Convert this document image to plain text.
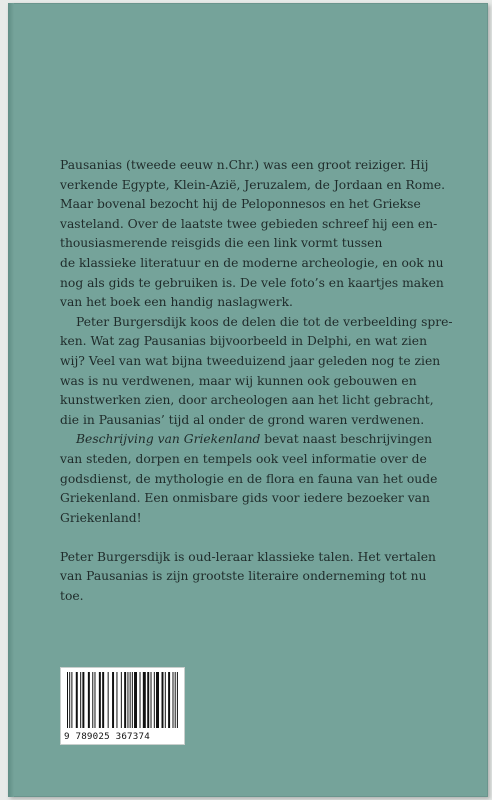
Pausanias (tweede eeuw n.Chr.) was een groot reiziger. Hij
verkende Egypte, Klein-Azië, Jeruzalem, de Jordaan en Rome.
Maar bovenal bezocht hij de Peloponnesos en het Griekse
vasteland. Over de laatste twee gebieden schreef hij een en-
thousiasmerende reisgids die een link vormt tussen
de klassieke literatuur en de moderne archeologie, en ook nu
nog als gids te gebruiken is. De vele foto’s en kaartjes maken
van het boek een handig naslagwerk.

Peter Burgersdijk koos de delen die tot de verbeelding spre-
ken. Wat zag Pausanias bijvoorbeeld in Delphi, en wat zien
wij? Veel van wat bijna tweeduizend jaar geleden nog te zien
was is nu verdwenen, maar wij kunnen ook gebouwen en
kunstwerken zien, door archeologen aan het licht gebracht,
die in Pausanias’ tijd al onder de grond waren verdwenen.

Beschrijving van Griekenland bevat naast beschrijvingen
van steden, dorpen en tempels ook veel informatie over de
godsdienst, de mythologie en de flora en fauna van het oude
Griekenland. Een onmisbare gids voor iedere bezoeker van
Griekenland!

Peter Burgersdijk is oud-leraar klassieke talen. Het vertalen
van Pausanias is zijn grootste literaire onderneming tot nu
toe.

9 789025 367374
